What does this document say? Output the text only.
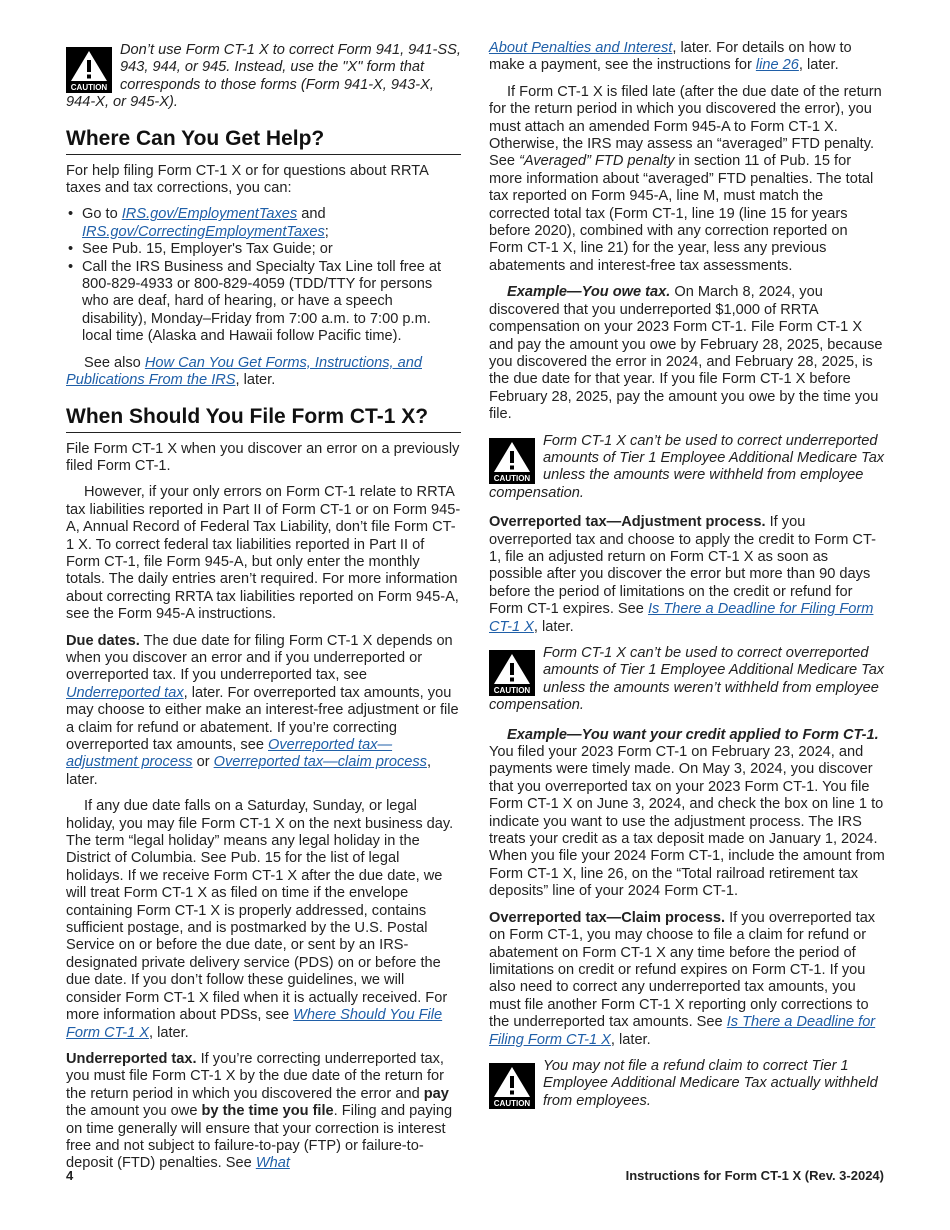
CAUTION
Don’t use Form CT-1 X to correct Form 941, 941-SS, 943, 944, or 945. Instead, use the "X" form that corresponds to those forms (Form 941-X, 943-X, 944-X, or 945-X).
Where Can You Get Help?

For help filing Form CT-1 X or for questions about RRTA taxes and tax corrections, you can:

• Go to IRS.gov/EmploymentTaxes and IRS.gov/CorrectingEmploymentTaxes;
• See Pub. 15, Employer's Tax Guide; or
• Call the IRS Business and Specialty Tax Line toll free at 800-829-4933 or 800-829-4059 (TDD/TTY for persons who are deaf, hard of hearing, or have a speech disability), Monday–Friday from 7:00 a.m. to 7:00 p.m. local time (Alaska and Hawaii follow Pacific time).

See also How Can You Get Forms, Instructions, and Publications From the IRS, later.

When Should You File Form CT-1 X?

File Form CT-1 X when you discover an error on a previously filed Form CT-1.

However, if your only errors on Form CT-1 relate to RRTA tax liabilities reported in Part II of Form CT-1 or on Form 945-A, Annual Record of Federal Tax Liability, don’t file Form CT-1 X. To correct federal tax liabilities reported in Part II of Form CT-1, file Form 945-A, but only enter the monthly totals. The daily entries aren’t required. For more information about correcting RRTA tax liabilities reported on Form 945-A, see the Form 945-A instructions.

Due dates. The due date for filing Form CT-1 X depends on when you discover an error and if you underreported or overreported tax. If you underreported tax, see Underreported tax, later. For overreported tax amounts, you may choose to either make an interest-free adjustment or file a claim for refund or abatement. If you’re correcting overreported tax amounts, see Overreported tax—adjustment process or Overreported tax—claim process, later.

If any due date falls on a Saturday, Sunday, or legal holiday, you may file Form CT-1 X on the next business day. The term “legal holiday” means any legal holiday in the District of Columbia. See Pub. 15 for the list of legal holidays. If we receive Form CT-1 X after the due date, we will treat Form CT-1 X as filed on time if the envelope containing Form CT-1 X is properly addressed, contains sufficient postage, and is postmarked by the U.S. Postal Service on or before the due date, or sent by an IRS-designated private delivery service (PDS) on or before the due date. If you don’t follow these guidelines, we will consider Form CT-1 X filed when it is actually received. For more information about PDSs, see Where Should You File Form CT-1 X, later.

Underreported tax. If you’re correcting underreported tax, you must file Form CT-1 X by the due date of the return for the return period in which you discovered the error and pay the amount you owe by the time you file. Filing and paying on time generally will ensure that your correction is interest free and not subject to failure-to-pay (FTP) or failure-to-deposit (FTD) penalties. See What

About Penalties and Interest, later. For details on how to make a payment, see the instructions for line 26, later.

If Form CT-1 X is filed late (after the due date of the return for the return period in which you discovered the error), you must attach an amended Form 945-A to Form CT-1 X. Otherwise, the IRS may assess an “averaged” FTD penalty. See “Averaged” FTD penalty in section 11 of Pub. 15 for more information about “averaged” FTD penalties. The total tax reported on Form 945-A, line M, must match the corrected total tax (Form CT-1, line 19 (line 15 for years before 2020), combined with any correction reported on Form CT-1 X, line 21) for the year, less any previous abatements and interest-free tax assessments.

Example—You owe tax. On March 8, 2024, you discovered that you underreported $1,000 of RRTA compensation on your 2023 Form CT-1. File Form CT-1 X and pay the amount you owe by February 28, 2025, because you discovered the error in 2024, and February 28, 2025, is the due date for that year. If you file Form CT-1 X before February 28, 2025, pay the amount you owe by the time you file.

CAUTION
Form CT-1 X can’t be used to correct underreported amounts of Tier 1 Employee Additional Medicare Tax unless the amounts were withheld from employee compensation.

Overreported tax—Adjustment process. If you overreported tax and choose to apply the credit to Form CT-1, file an adjusted return on Form CT-1 X as soon as possible after you discover the error but more than 90 days before the period of limitations on the credit or refund for Form CT-1 expires. See Is There a Deadline for Filing Form CT-1 X, later.

CAUTION
Form CT-1 X can’t be used to correct overreported amounts of Tier 1 Employee Additional Medicare Tax unless the amounts weren’t withheld from employee compensation.

Example—You want your credit applied to Form CT-1. You filed your 2023 Form CT-1 on February 23, 2024, and payments were timely made. On May 3, 2024, you discover that you overreported tax on your 2023 Form CT-1. You file Form CT-1 X on June 3, 2024, and check the box on line 1 to indicate you want to use the adjustment process. The IRS treats your credit as a tax deposit made on January 1, 2024. When you file your 2024 Form CT-1, include the amount from Form CT-1 X, line 26, on the “Total railroad retirement tax deposits” line of your 2024 Form CT-1.

Overreported tax—Claim process. If you overreported tax on Form CT-1, you may choose to file a claim for refund or abatement on Form CT-1 X any time before the period of limitations on credit or refund expires on Form CT-1. If you also need to correct any underreported tax amounts, you must file another Form CT-1 X reporting only corrections to the underreported tax amounts. See Is There a Deadline for Filing Form CT-1 X, later.

CAUTION
You may not file a refund claim to correct Tier 1 Employee Additional Medicare Tax actually withheld from employees.
4	Instructions for Form CT-1 X (Rev. 3-2024)
